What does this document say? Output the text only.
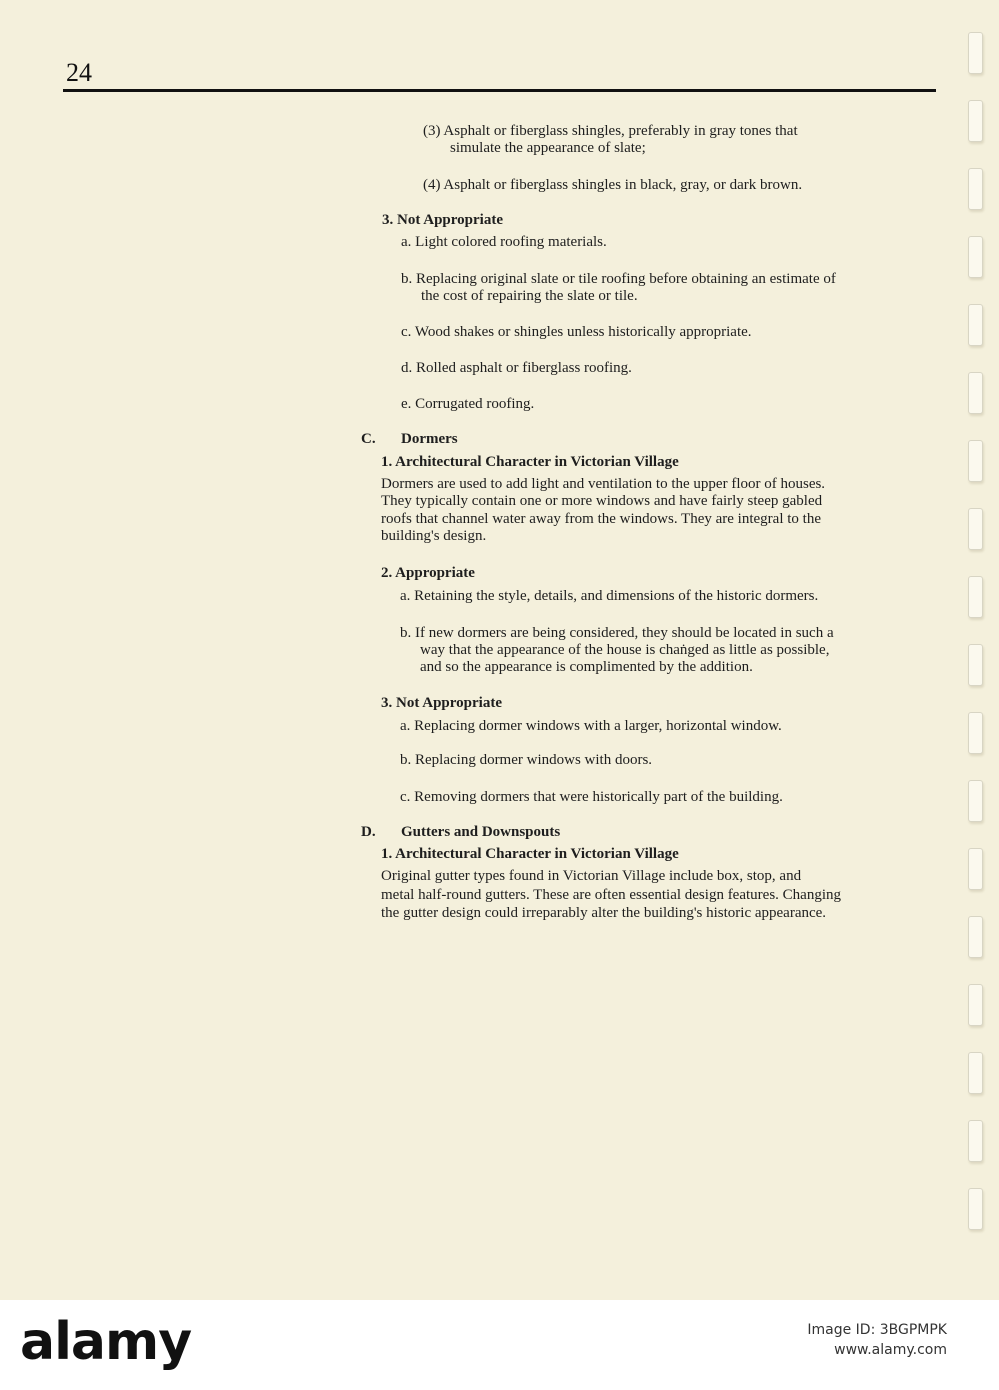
24
(3) Asphalt or fiberglass shingles, preferably in gray tones that
simulate the appearance of slate;
(4) Asphalt or fiberglass shingles in black, gray, or dark brown.
3. Not Appropriate
a. Light colored roofing materials.
b. Replacing original slate or tile roofing before obtaining an estimate of
the cost of repairing the slate or tile.
c. Wood shakes or shingles unless historically appropriate.
d. Rolled asphalt or fiberglass roofing.
e. Corrugated roofing.
C. Dormers
1. Architectural Character in Victorian Village
Dormers are used to add light and ventilation to the upper floor of houses.
They typically contain one or more windows and have fairly steep gabled
roofs that channel water away from the windows. They are integral to the
building's design.
2. Appropriate
a. Retaining the style, details, and dimensions of the historic dormers.
b. If new dormers are being considered, they should be located in such a
way that the appearance of the house is chaṅged as little as possible,
and so the appearance is complimented by the addition.
3. Not Appropriate
a. Replacing dormer windows with a larger, horizontal window.
b. Replacing dormer windows with doors.
c. Removing dormers that were historically part of the building.
D. Gutters and Downspouts
1. Architectural Character in Victorian Village
Original gutter types found in Victorian Village include box, stop, and
metal half-round gutters. These are often essential design features. Changing
the gutter design could irreparably alter the building's historic appearance.
alamy	Image ID: 3BGPMPK
www.alamy.com
